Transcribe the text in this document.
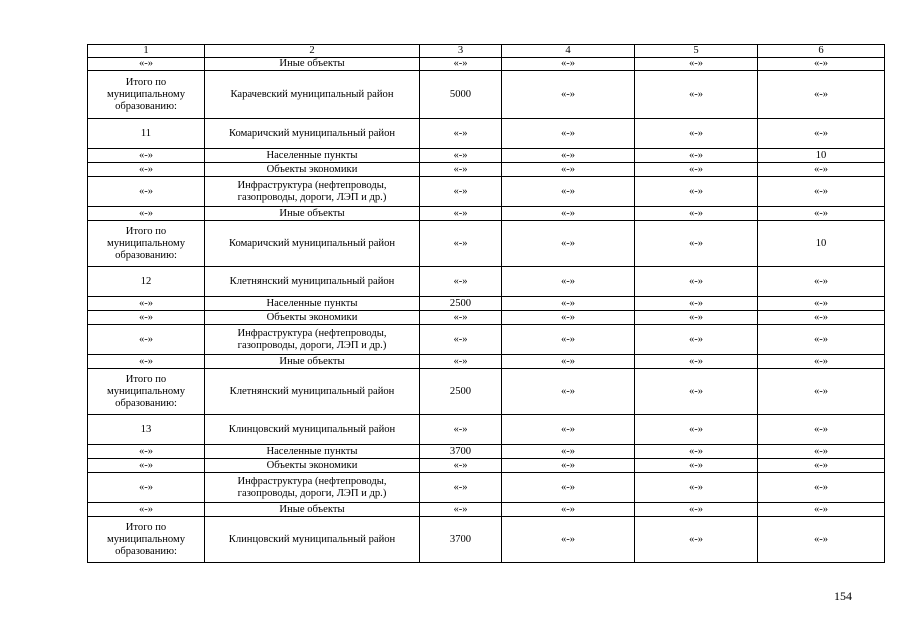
1	2	3	4	5	6
«-»	Иные объекты	«-»	«-»	«-»	«-»
Итого по муниципальному образованию:	Карачевский муниципальный район	5000	«-»	«-»	«-»
11	Комаричский муниципальный район	«-»	«-»	«-»	«-»
«-»	Населенные пункты	«-»	«-»	«-»	10
«-»	Объекты экономики	«-»	«-»	«-»	«-»
«-»	Инфраструктура (нефтепроводы, газопроводы, дороги, ЛЭП и др.)	«-»	«-»	«-»	«-»
«-»	Иные объекты	«-»	«-»	«-»	«-»
Итого по муниципальному образованию:	Комаричский муниципальный район	«-»	«-»	«-»	10
12	Клетнянский муниципальный район	«-»	«-»	«-»	«-»
«-»	Населенные пункты	2500	«-»	«-»	«-»
«-»	Объекты экономики	«-»	«-»	«-»	«-»
«-»	Инфраструктура (нефтепроводы, газопроводы, дороги, ЛЭП и др.)	«-»	«-»	«-»	«-»
«-»	Иные объекты	«-»	«-»	«-»	«-»
Итого по муниципальному образованию:	Клетнянский муниципальный район	2500	«-»	«-»	«-»
13	Клинцовский муниципальный район	«-»	«-»	«-»	«-»
«-»	Населенные пункты	3700	«-»	«-»	«-»
«-»	Объекты экономики	«-»	«-»	«-»	«-»
«-»	Инфраструктура (нефтепроводы, газопроводы, дороги, ЛЭП и др.)	«-»	«-»	«-»	«-»
«-»	Иные объекты	«-»	«-»	«-»	«-»
Итого по муниципальному образованию:	Клинцовский муниципальный район	3700	«-»	«-»	«-»
154
